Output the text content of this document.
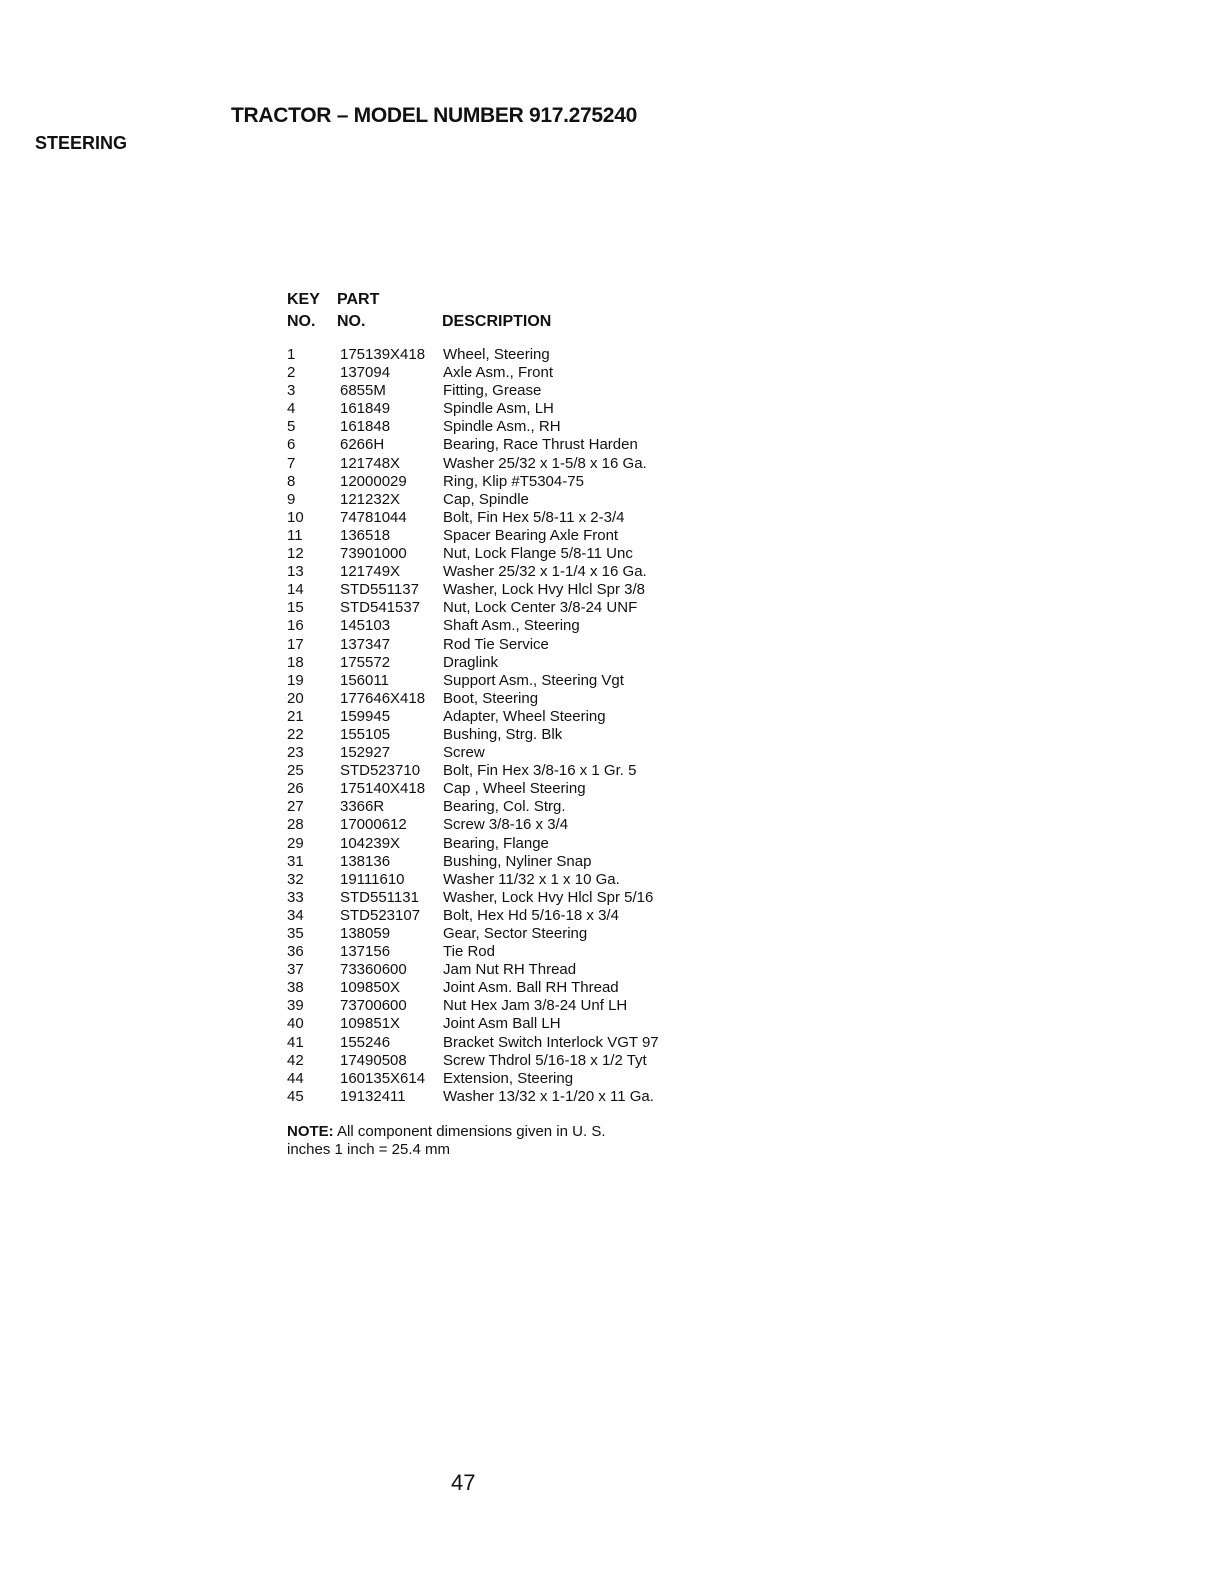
TRACTOR – MODEL NUMBER 917.275240
STEERING
KEY PART
NO. NO.	DESCRIPTION
1	175139X418 Wheel, Steering
2	137094	Axle Asm., Front
3	6855M	Fitting, Grease
4	161849	Spindle Asm, LH
5	161848	Spindle Asm., RH
6	6266H	Bearing, Race Thrust Harden
7	121748X	Washer 25/32 x 1-5/8 x 16 Ga.
8	12000029 Ring, Klip #T5304-75
9	121232X	Cap, Spindle
10 74781044 Bolt, Fin Hex 5/8-11 x 2-3/4
11 136518	Spacer Bearing Axle Front
12 73901000 Nut, Lock Flange 5/8-11 Unc
13 121749X	Washer 25/32 x 1-1/4 x 16 Ga.
14 STD551137 Washer, Lock Hvy Hlcl Spr 3/8
15 STD541537 Nut, Lock Center 3/8-24 UNF
16 145103	Shaft Asm., Steering
17 137347	Rod Tie Service
18 175572	Draglink
19 156011	Support Asm., Steering Vgt
20 177646X418 Boot, Steering
21 159945	Adapter, Wheel Steering
22 155105	Bushing, Strg. Blk
23 152927	Screw
25 STD523710 Bolt, Fin Hex 3/8-16 x 1 Gr. 5
26 175140X418 Cap , Wheel Steering
27 3366R	Bearing, Col. Strg.
28 17000612 Screw 3/8-16 x 3/4
29 104239X	Bearing, Flange
31 138136	Bushing, Nyliner Snap
32 19111610	Washer 11/32 x 1 x 10 Ga.
33 STD551131 Washer, Lock Hvy Hlcl Spr 5/16
34 STD523107 Bolt, Hex Hd 5/16-18 x 3/4
35 138059	Gear, Sector Steering
36 137156	Tie Rod
37 73360600 Jam Nut RH Thread
38 109850X	Joint Asm. Ball RH Thread
39 73700600 Nut Hex Jam 3/8-24 Unf LH
40 109851X	Joint Asm Ball LH
41 155246	Bracket Switch Interlock VGT 97
42 17490508 Screw Thdrol 5/16-18 x 1/2 Tyt
44 160135X614 Extension, Steering
45 19132411 Washer 13/32 x 1-1/20 x 11 Ga.
NOTE: All component dimensions given in U. S.
inches 1 inch = 25.4 mm
47
